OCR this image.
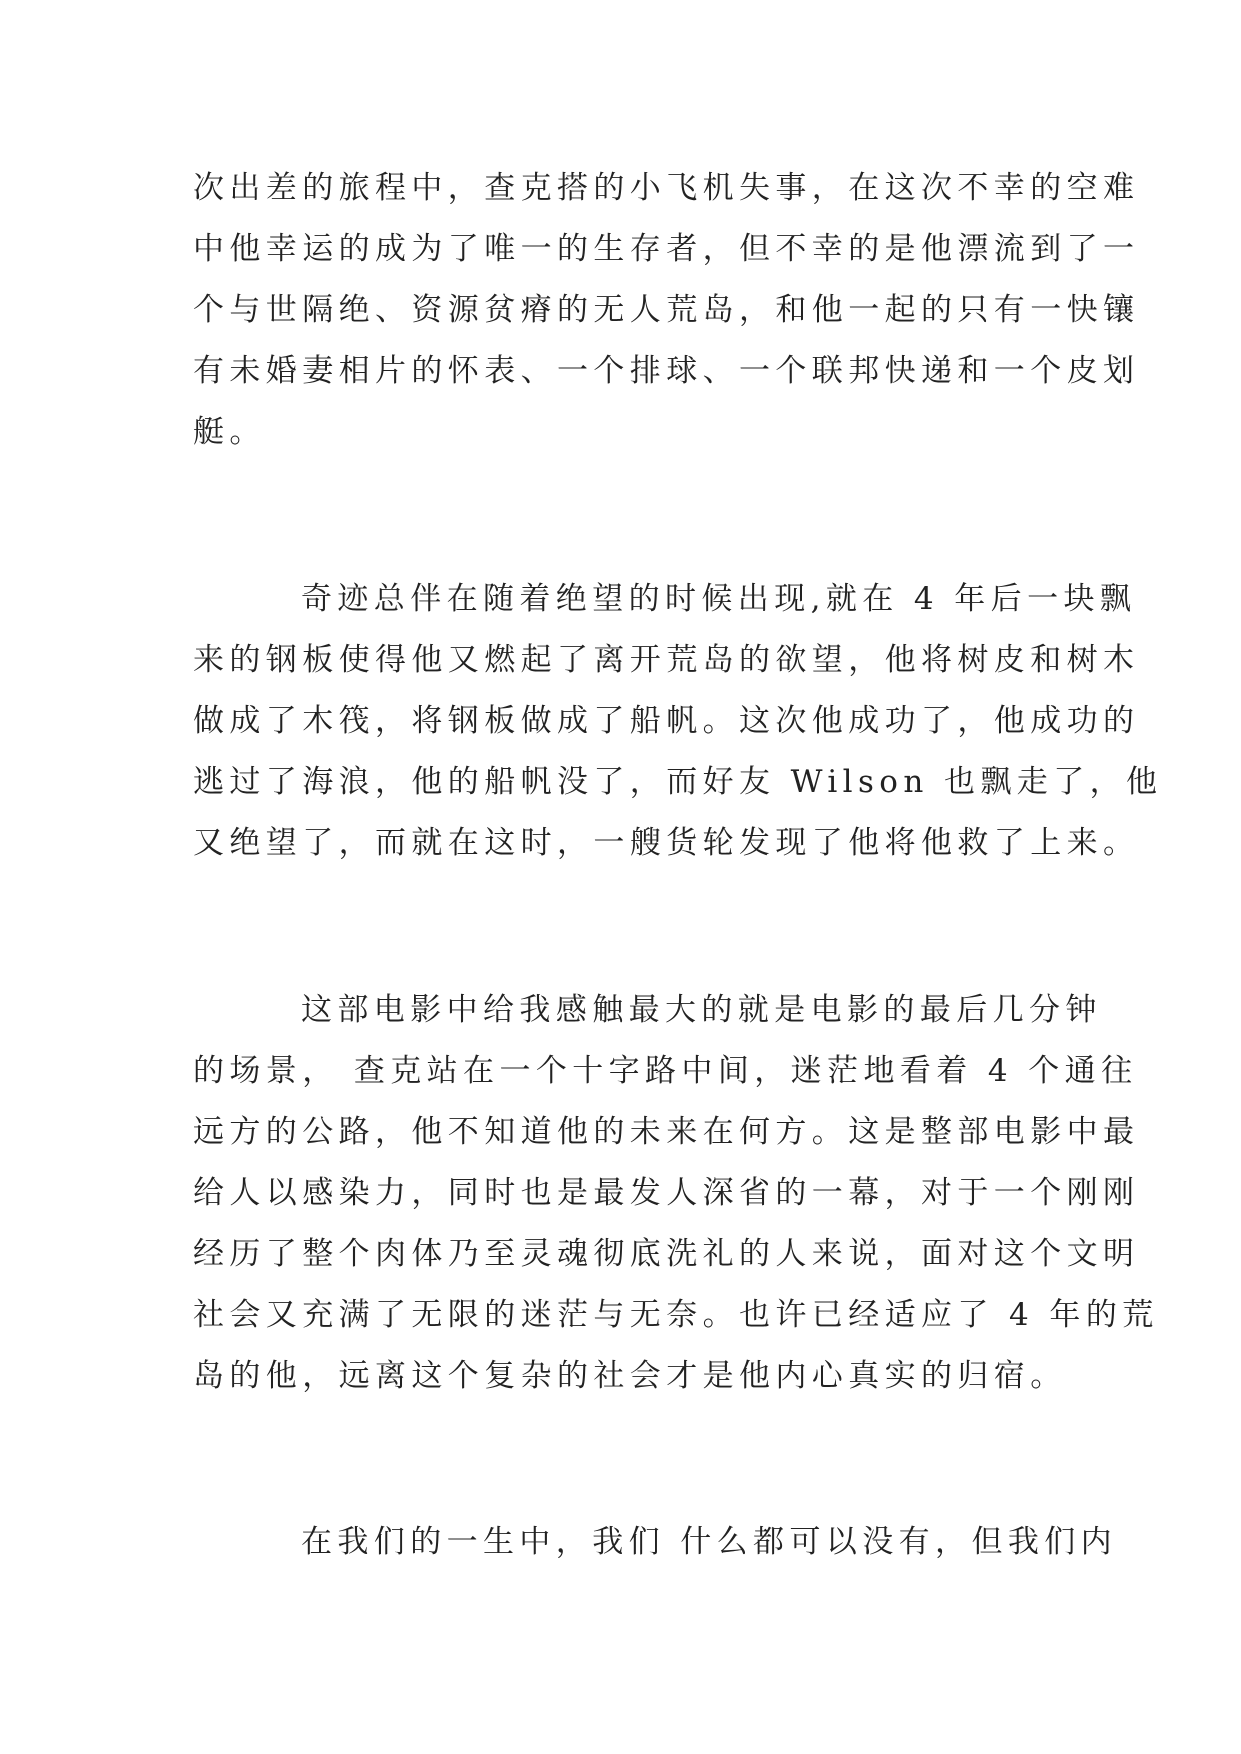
次出差的旅程中，查克搭的小飞机失事，在这次不幸的空难
中他幸运的成为了唯一的生存者，但不幸的是他漂流到了一
个与世隔绝、资源贫瘠的无人荒岛，和他一起的只有一快镶
有未婚妻相片的怀表、一个排球、一个联邦快递和一个皮划
艇。
奇迹总伴在随着绝望的时候出现,就在 4 年后一块飘
来的钢板使得他又燃起了离开荒岛的欲望，他将树皮和树木
做成了木筏，将钢板做成了船帆。这次他成功了，他成功的
逃过了海浪，他的船帆没了，而好友 Wilson 也飘走了，他
又绝望了，而就在这时，一艘货轮发现了他将他救了上来。
这部电影中给我感触最大的就是电影的最后几分钟
的场景， 查克站在一个十字路中间，迷茫地看着 4 个通往
远方的公路，他不知道他的未来在何方。这是整部电影中最
给人以感染力，同时也是最发人深省的一幕，对于一个刚刚
经历了整个肉体乃至灵魂彻底洗礼的人来说，面对这个文明
社会又充满了无限的迷茫与无奈。也许已经适应了 4 年的荒
岛的他，远离这个复杂的社会才是他内心真实的归宿。
在我们的一生中，我们 什么都可以没有，但我们内
